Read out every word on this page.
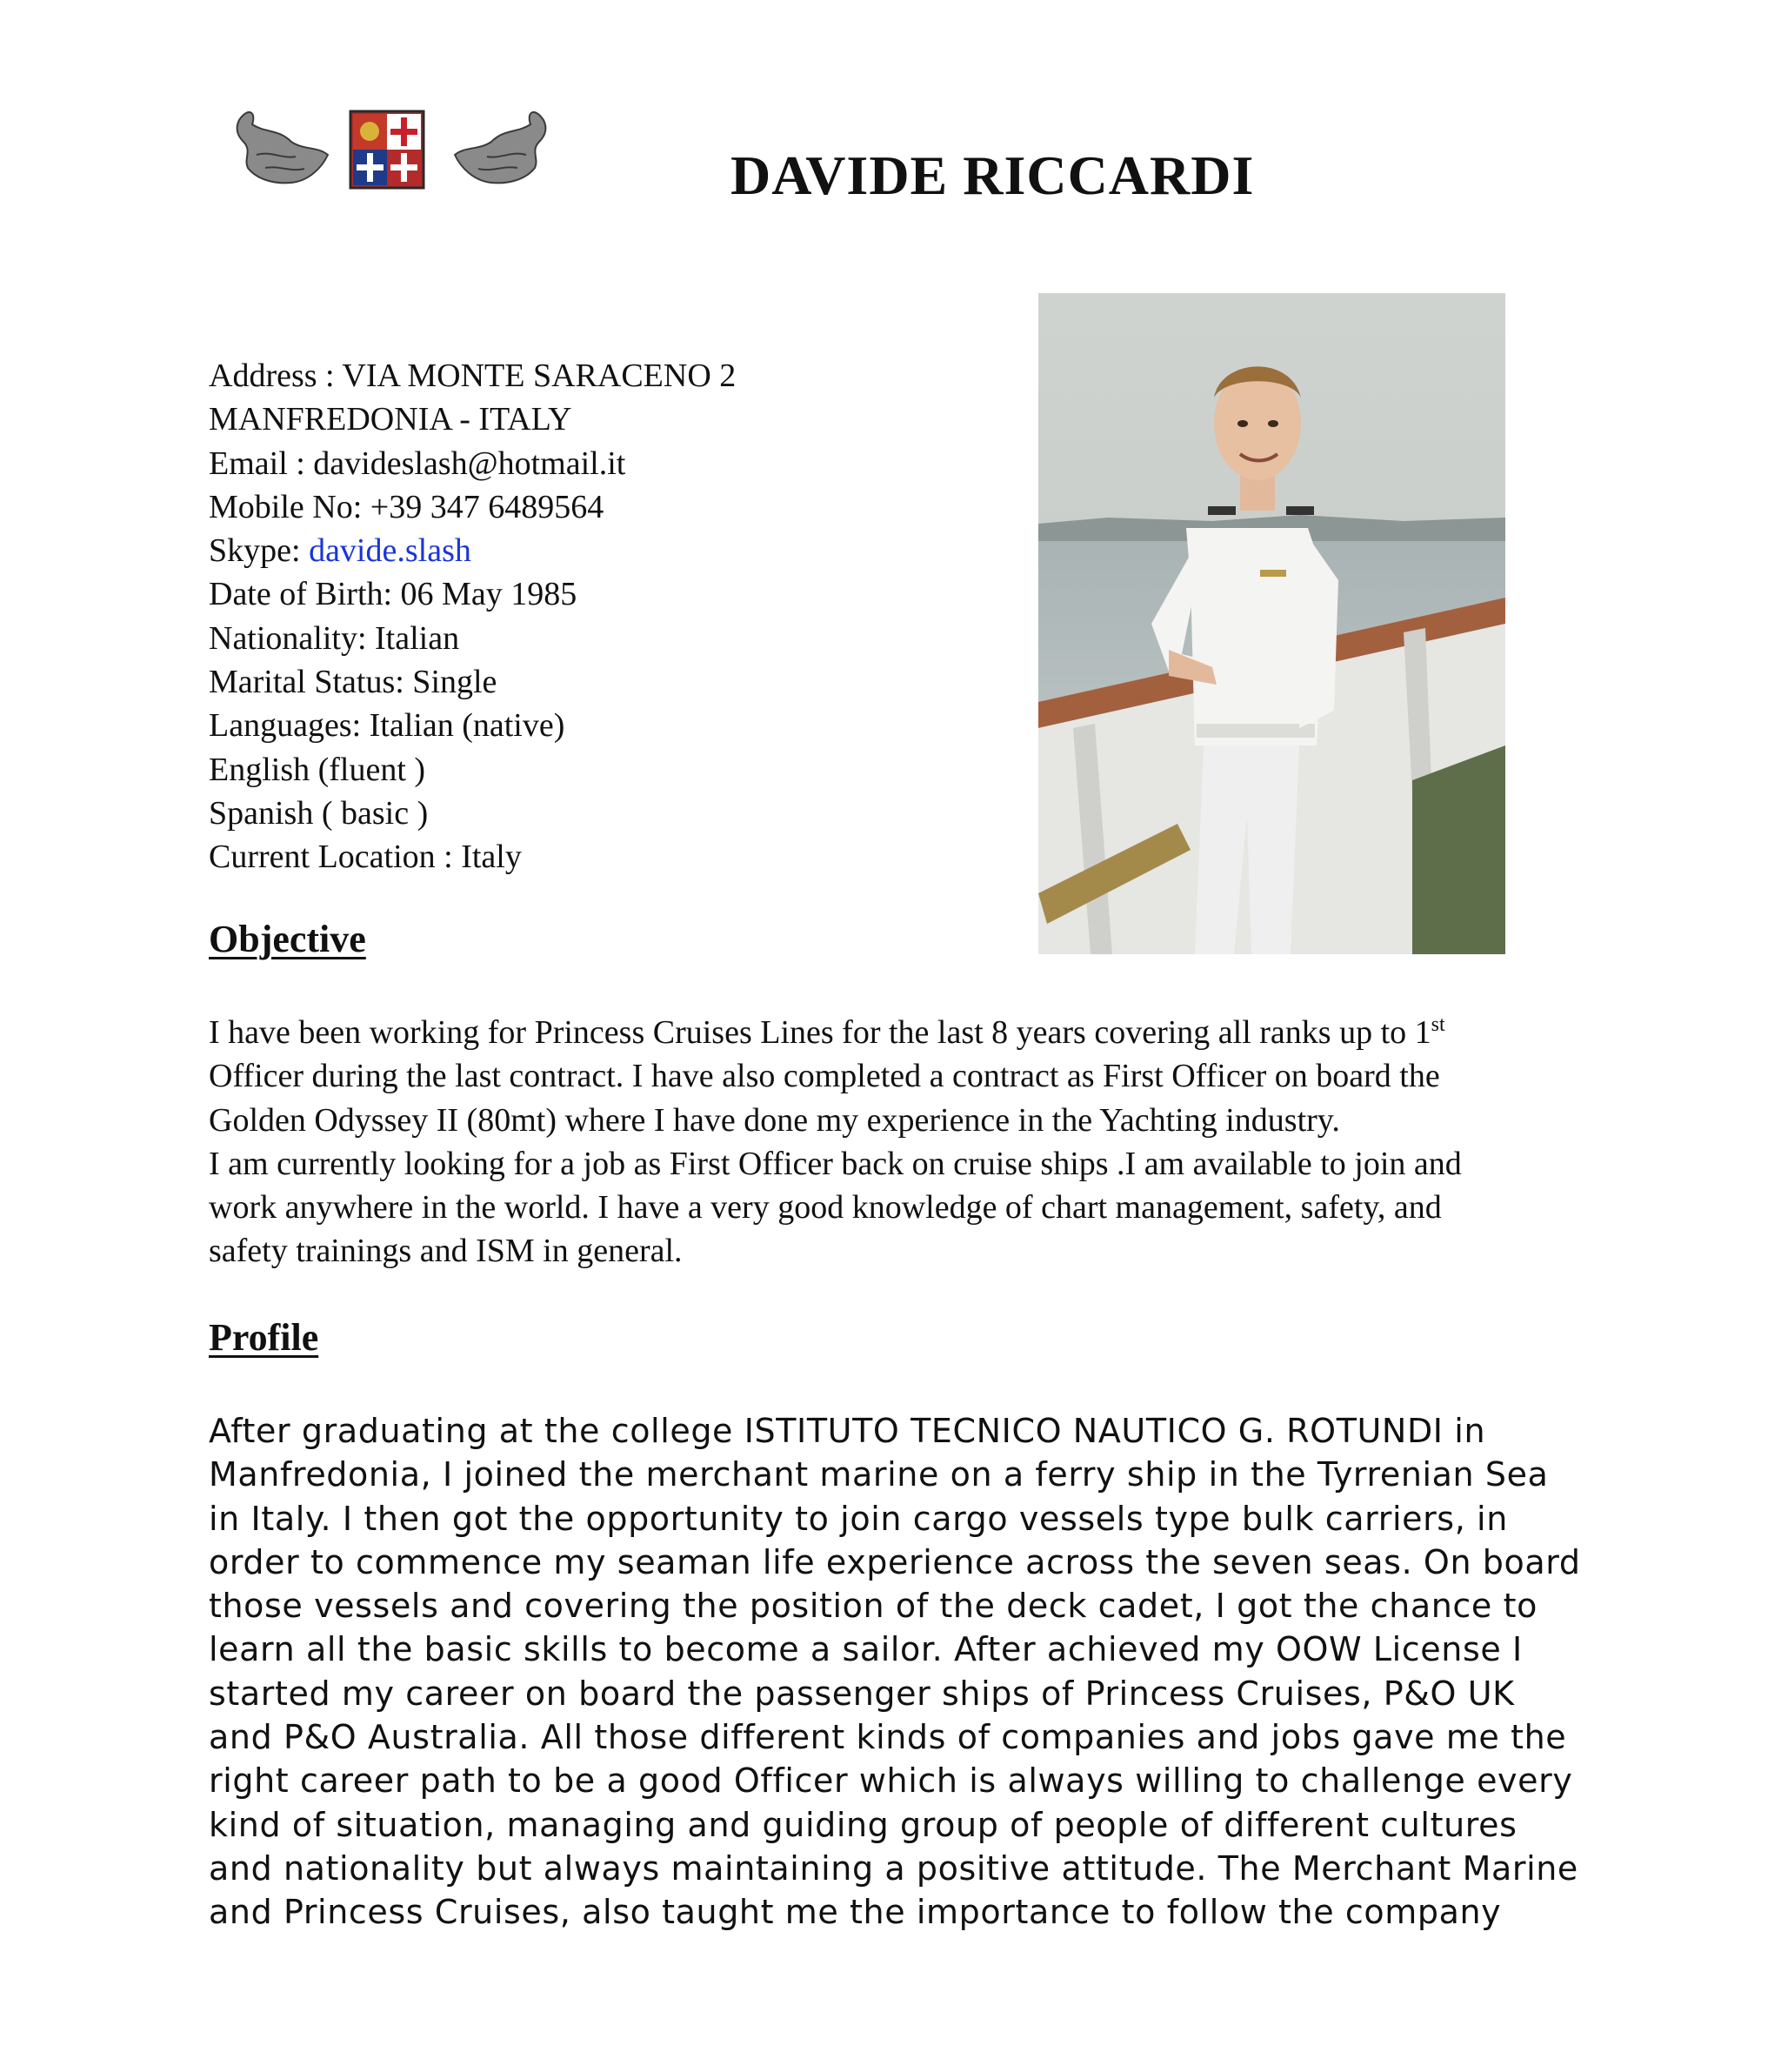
DAVIDE RICCARDI
Address : VIA MONTE SARACENO 2
MANFREDONIA - ITALY
Email : davideslash@hotmail.it
Mobile No: +39 347 6489564
Skype: davide.slash
Date of Birth: 06 May 1985
Nationality: Italian
Marital Status: Single
Languages: Italian (native)
English (fluent )
Spanish ( basic )
Current Location : Italy
Objective
I have been working for Princess Cruises Lines for the last 8 years covering all ranks up to 1st
Officer during the last contract. I have also completed a contract as First Officer on board the
Golden Odyssey II (80mt) where I have done my experience in the Yachting industry.
I am currently looking for a job as First Officer back on cruise ships .I am available to join and
work anywhere in the world. I have a very good knowledge of chart management, safety, and
safety trainings and ISM in general.
Profile
After graduating at the college ISTITUTO TECNICO NAUTICO G. ROTUNDI in
Manfredonia, I joined the merchant marine on a ferry ship in the Tyrrenian Sea
in Italy. I then got the opportunity to join cargo vessels type bulk carriers, in
order to commence my seaman life experience across the seven seas. On board
those vessels and covering the position of the deck cadet, I got the chance to
learn all the basic skills to become a sailor. After achieved my OOW License I
started my career on board the passenger ships of Princess Cruises, P&O UK
and P&O Australia. All those different kinds of companies and jobs gave me the
right career path to be a good Officer which is always willing to challenge every
kind of situation, managing and guiding group of people of different cultures
and nationality but always maintaining a positive attitude. The Merchant Marine
and Princess Cruises, also taught me the importance to follow the company
